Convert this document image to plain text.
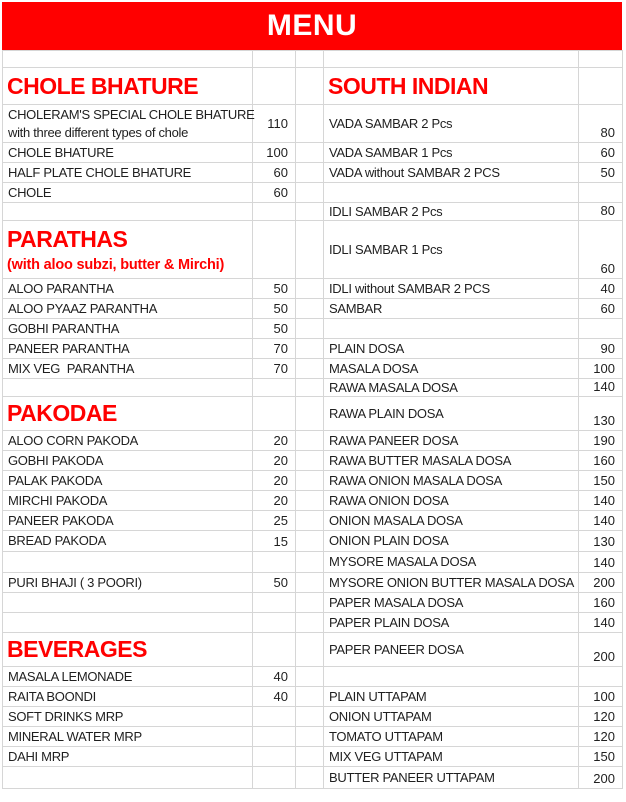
MENU

CHOLE BHATURE			SOUTH INDIAN	

CHOLERAM'S SPECIAL CHOLE BHATURE
with three different types of chole	110		VADA SAMBAR 2 Pcs	80

CHOLE BHATURE	100		VADA SAMBAR 1 Pcs	60

HALF PLATE CHOLE BHATURE	60		VADA without SAMBAR 2 PCS	50

CHOLE	60			

			IDLI SAMBAR 2 Pcs	80

PARATHAS
(with aloo subzi, butter & Mirchi)			IDLI SAMBAR 1 Pcs	60

ALOO PARANTHA	50		IDLI without SAMBAR 2 PCS	40

ALOO PYAAZ PARANTHA	50		SAMBAR	60

GOBHI PARANTHA	50			

PANEER PARANTHA	70		PLAIN DOSA	90

MIX VEG  PARANTHA	70		MASALA DOSA	100

			RAWA MASALA DOSA	140

PAKODAE			RAWA PLAIN DOSA	130

ALOO CORN PAKODA	20		RAWA PANEER DOSA	190

GOBHI PAKODA	20		RAWA BUTTER MASALA DOSA	160

PALAK PAKODA	20		RAWA ONION MASALA DOSA	150

MIRCHI PAKODA	20		RAWA ONION DOSA	140

PANEER PAKODA	25		ONION MASALA DOSA	140

BREAD PAKODA	15		ONION PLAIN DOSA	130

			MYSORE MASALA DOSA	140

PURI BHAJI ( 3 POORI)	50		MYSORE ONION BUTTER MASALA DOSA	200

			PAPER MASALA DOSA	160

			PAPER PLAIN DOSA	140

BEVERAGES			PAPER PANEER DOSA	200

MASALA LEMONADE	40			

RAITA BOONDI	40		PLAIN UTTAPAM	100

SOFT DRINKS MRP			ONION UTTAPAM	120

MINERAL WATER MRP			TOMATO UTTAPAM	120

DAHI MRP			MIX VEG UTTAPAM	150

			BUTTER PANEER UTTAPAM	200
